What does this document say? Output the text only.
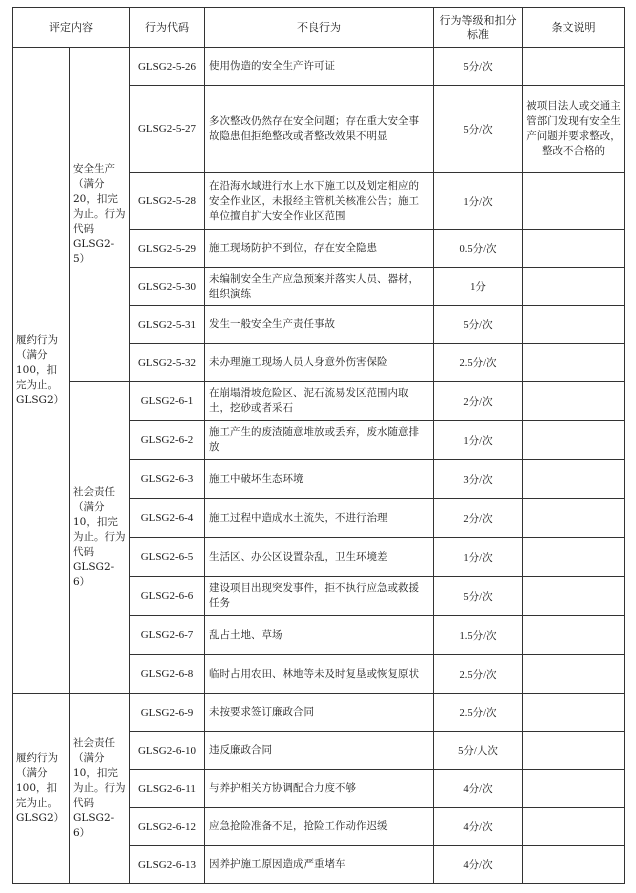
评定内容		行为代码	不良行为	行为等级和扣分标准	条文说明
履约行为（满分100，扣完为止。GLSG2）	安全生产（满分20，扣完为止。行为代码GLSG2-5）	GLSG2-5-26	使用伪造的安全生产许可证	5分/次	
		GLSG2-5-27	多次整改仍然存在安全问题；存在重大安全事故隐患但拒绝整改或者整改效果不明显	5分/次	被项目法人或交通主管部门发现有安全生产问题并要求整改，整改不合格的
		GLSG2-5-28	在沿海水域进行水上水下施工以及划定相应的安全作业区，未报经主管机关核准公告；施工单位擅自扩大安全作业区范围	1分/次	
		GLSG2-5-29	施工现场防护不到位，存在安全隐患	0.5分/次	
		GLSG2-5-30	未编制安全生产应急预案并落实人员、器材，组织演练	1分	
		GLSG2-5-31	发生一般安全生产责任事故	5分/次	
		GLSG2-5-32	未办理施工现场人员人身意外伤害保险	2.5分/次	
	社会责任（满分10，扣完为止。行为代码GLSG2-6）	GLSG2-6-1	在崩塌滑坡危险区、泥石流易发区范围内取土，挖砂或者采石	2分/次	
		GLSG2-6-2	施工产生的废渣随意堆放或丢弃，废水随意排放	1分/次	
		GLSG2-6-3	施工中破坏生态环境	3分/次	
		GLSG2-6-4	施工过程中造成水土流失，不进行治理	2分/次	
		GLSG2-6-5	生活区、办公区设置杂乱，卫生环境差	1分/次	
		GLSG2-6-6	建设项目出现突发事件，拒不执行应急或救援任务	5分/次	
		GLSG2-6-7	乱占土地、草场	1.5分/次	
		GLSG2-6-8	临时占用农田、林地等未及时复垦或恢复原状	2.5分/次	
履约行为（满分100，扣完为止。GLSG2）	社会责任（满分10，扣完为止。行为代码GLSG2-6）	GLSG2-6-9	未按要求签订廉政合同	2.5分/次	
		GLSG2-6-10	违反廉政合同	5分/人次	
		GLSG2-6-11	与养护相关方协调配合力度不够	4分/次	
		GLSG2-6-12	应急抢险准备不足，抢险工作动作迟缓	4分/次	
		GLSG2-6-13	因养护施工原因造成严重堵车	4分/次	
